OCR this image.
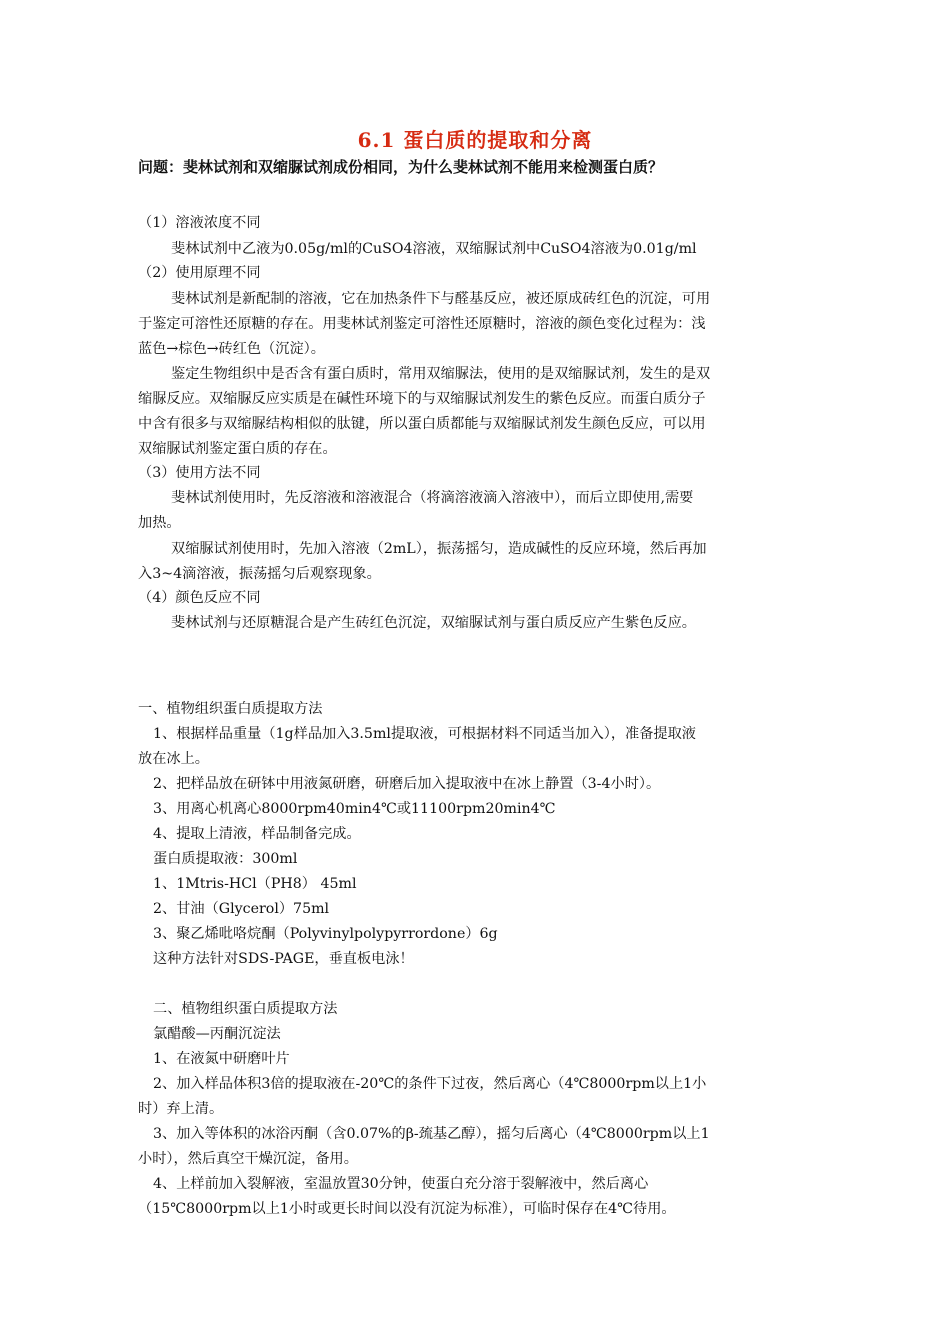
6.1 蛋白质的提取和分离
问题：斐林试剂和双缩脲试剂成份相同，为什么斐林试剂不能用来检测蛋白质？
（1）溶液浓度不同
斐林试剂中乙液为0.05g/ml的CuSO4溶液，双缩脲试剂中CuSO4溶液为0.01g/ml
（2）使用原理不同
斐林试剂是新配制的溶液，它在加热条件下与醛基反应，被还原成砖红色的沉淀，可用
于鉴定可溶性还原糖的存在。用斐林试剂鉴定可溶性还原糖时，溶液的颜色变化过程为：浅
蓝色→棕色→砖红色（沉淀）。
鉴定生物组织中是否含有蛋白质时，常用双缩脲法，使用的是双缩脲试剂，发生的是双
缩脲反应。双缩脲反应实质是在碱性环境下的与双缩脲试剂发生的紫色反应。而蛋白质分子
中含有很多与双缩脲结构相似的肽键，所以蛋白质都能与双缩脲试剂发生颜色反应，可以用
双缩脲试剂鉴定蛋白质的存在。
（3）使用方法不同
斐林试剂使用时，先反溶液和溶液混合（将滴溶液滴入溶液中），而后立即使用,需要
加热。
双缩脲试剂使用时，先加入溶液（2mL），振荡摇匀，造成碱性的反应环境，然后再加
入3~4滴溶液，振荡摇匀后观察现象。
（4）颜色反应不同
斐林试剂与还原糖混合是产生砖红色沉淀，双缩脲试剂与蛋白质反应产生紫色反应。
一、植物组织蛋白质提取方法
1、根据样品重量（1g样品加入3.5ml提取液，可根据材料不同适当加入），准备提取液
放在冰上。
2、把样品放在研钵中用液氮研磨，研磨后加入提取液中在冰上静置（3-4小时）。
3、用离心机离心8000rpm40min4℃或11100rpm20min4℃
4、提取上清液，样品制备完成。
蛋白质提取液：300ml
1、1Mtris-HCl（PH8） 45ml
2、甘油（Glycerol）75ml
3、聚乙烯吡咯烷酮（Polyvinylpolypyrrordone）6g
这种方法针对SDS-PAGE，垂直板电泳！
二、植物组织蛋白质提取方法
氯醋酸—丙酮沉淀法
1、在液氮中研磨叶片
2、加入样品体积3倍的提取液在-20℃的条件下过夜，然后离心（4℃8000rpm以上1小
时）弃上清。
3、加入等体积的冰浴丙酮（含0.07%的β-巯基乙醇），摇匀后离心（4℃8000rpm以上1
小时），然后真空干燥沉淀，备用。
4、上样前加入裂解液，室温放置30分钟，使蛋白充分溶于裂解液中，然后离心
（15℃8000rpm以上1小时或更长时间以没有沉淀为标准），可临时保存在4℃待用。
